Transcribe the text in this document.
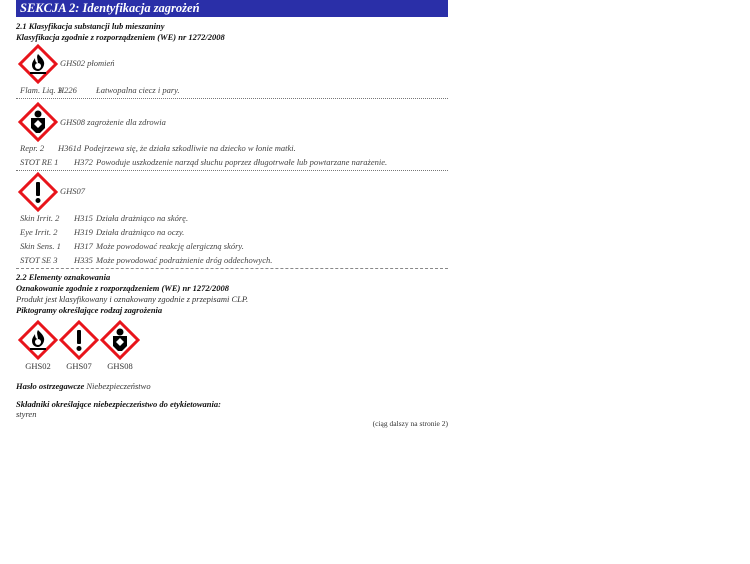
SEKCJA 2: Identyfikacja zagrożeń
2.1 Klasyfikacja substancji lub mieszaniny
Klasyfikacja zgodnie z rozporządzeniem (WE) nr 1272/2008
GHS02 płomień
Flam. Liq. 3
H226 Łatwopalna ciecz i pary.
GHS08 zagrożenie dla zdrowia
Repr. 2 H361d Podejrzewa się, że działa szkodliwie na dziecko w łonie matki.
STOT RE 1 H372 Powoduje uszkodzenie narząd słuchu poprzez długotrwałe lub powtarzane narażenie.
GHS07
Skin Irrit. 2 H315 Działa drażniąco na skórę.
Eye Irrit. 2 H319 Działa drażniąco na oczy.
Skin Sens. 1 H317 Może powodować reakcję alergiczną skóry.
STOT SE 3 H335 Może powodować podrażnienie dróg oddechowych.
2.2 Elementy oznakowania
Oznakowanie zgodnie z rozporządzeniem (WE) nr 1272/2008
Produkt jest klasyfikowany i oznakowany zgodnie z przepisami CLP.
Piktogramy określające rodzaj zagrożenia
GHS02	GHS07	GHS08
Hasło ostrzegawcze Niebezpieczeństwo
Składniki określające niebezpieczeństwo do etykietowania:
styren
(ciąg dalszy na stronie 2)
